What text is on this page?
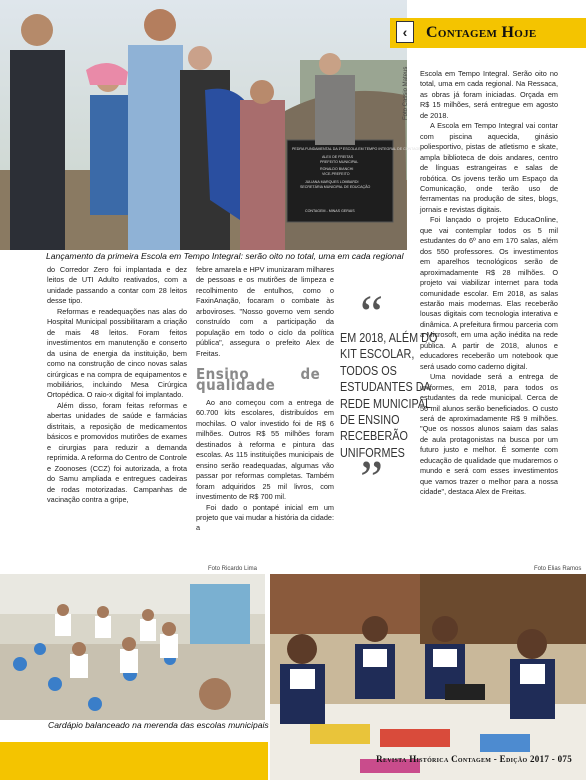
PEDRA FUNDAMENTAL DA 1ª ESCOLA EM TEMPO INTEGRAL DE CONTAGEM
ALEX DE FREITAS
PREFEITO MUNICIPAL
RONALDO BIANCHI
VICE-PREFEITO
JULIANA MARQUES LOMBARDI
SECRETÁRIA MUNICIPAL DE EDUCAÇÃO
CONTAGEM - MINAS GERAIS
Foto Cassio Mateus
‹	Contagem Hoje
Lançamento da primeira Escola em Tempo Integral: serão oito no total, uma em cada regional

do Corredor Zero foi implantada e dez leitos de UTI Adulto reativados, com a unidade passando a contar com 28 leitos desse tipo.

Reformas e readequações nas alas do Hospital Municipal possibilitaram a criação de mais 48 leitos. Foram feitos investimentos em manutenção e conserto da usina de energia da instituição, bem como na construção de cinco novas salas cirúrgicas e na compra de equipamentos e mobiliários, incluindo Mesa Cirúrgica Ortopédica. O raio-x digital foi implantado.

Além disso, foram feitas reformas e abertas unidades de saúde e farmácias distritais, a reposição de medicamentos básicos e promovidos mutirões de exames e cirurgias para reduzir a demanda reprimida. A reforma do Centro de Controle e Zoonoses (CCZ) foi autorizada, a frota do Samu ampliada e entregues cadeiras de rodas motorizadas. Campanhas de vacinação contra a gripe,

febre amarela e HPV imunizaram milhares de pessoas e os mutirões de limpeza e recolhimento de entulhos, como o FaxinAnação, focaram o combate às arboviroses. "Nosso governo vem sendo construído com a participação da população em todo o ciclo da política pública", assegura o prefeito Alex de Freitas.

Ensino de qualidade

Ao ano começou com a entrega de 60.700 kits escolares, distribuídos em mochilas. O valor investido foi de R$ 6 milhões. Outros R$ 55 milhões foram destinados à reforma e pintura das escolas. As 115 instituições municipais de ensino serão readequadas, algumas vão passar por reformas completas. Também foram adquiridos 25 mil livros, com investimento de R$ 700 mil.

Foi dado o pontapé inicial em um projeto que vai mudar a história da cidade: a

“
EM 2018, ALÉM DO KIT ESCOLAR, TODOS OS ESTUDANTES DA REDE MUNICIPAL DE ENSINO RECEBERÃO UNIFORMES
”

Escola em Tempo Integral. Serão oito no total, uma em cada regional. Na Ressaca, as obras já foram iniciadas. Orçada em R$ 15 milhões, será entregue em agosto de 2018.

A Escola em Tempo Integral vai contar com piscina aquecida, ginásio poliesportivo, pistas de atletismo e skate, ampla biblioteca de dois andares, centro de línguas estrangeiras e salas de robótica. Os jovens terão um Espaço da Comunicação, onde terão uso de ferramentas na produção de sites, blogs, jornais e revistas digitais.

Foi lançado o projeto EducaOnline, que vai contemplar todos os 5 mil estudantes do 6º ano em 170 salas, além dos 550 professores. Os investimentos em aparelhos tecnológicos serão de aproximadamente R$ 28 milhões. O projeto vai viabilizar internet para toda comunidade escolar. Em 2018, as salas estarão mais modernas. Elas receberão lousas digitais com tecnologia interativa e dinâmica. A prefeitura firmou parceria com a Microsoft, em uma ação inédita na rede pública. A partir de 2018, alunos e educadores receberão um notebook que será usado como caderno digital.

Uma novidade será a entrega de uniformes, em 2018, para todos os estudantes da rede municipal. Cerca de 56 mil alunos serão beneficiados. O custo será de aproximadamente R$ 9 milhões. "Que os nossos alunos saiam das salas de aula protagonistas na busca por um futuro justo e melhor. É somente com educação de qualidade que mudaremos o mundo e será com esses investimentos que vamos trazer o melhor para a nossa cidade", destaca Alex de Freitas.

Foto Ricardo Lima
Cardápio balanceado na merenda das escolas municipais
Foto Elias Ramos
Revista Histórica Contagem - Edição 2017 - 075
